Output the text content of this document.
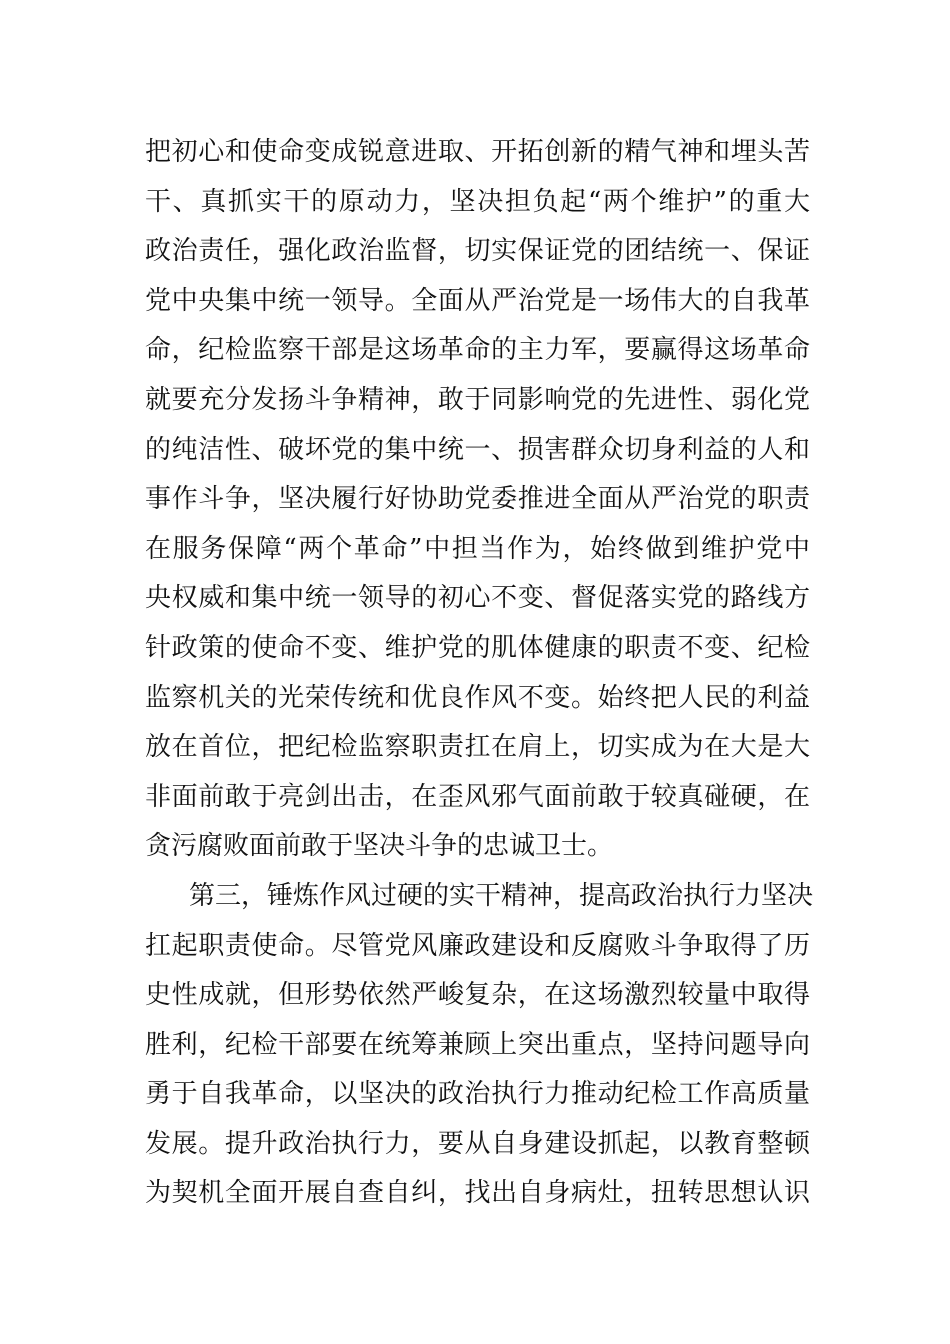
把初心和使命变成锐意进取、开拓创新的精气神和埋头苦
干、真抓实干的原动力，坚决担负起“两个维护”的重大
政治责任，强化政治监督，切实保证党的团结统一、保证
党中央集中统一领导。全面从严治党是一场伟大的自我革
命，纪检监察干部是这场革命的主力军，要赢得这场革命
就要充分发扬斗争精神，敢于同影响党的先进性、弱化党
的纯洁性、破坏党的集中统一、损害群众切身利益的人和
事作斗争，坚决履行好协助党委推进全面从严治党的职责
在服务保障“两个革命”中担当作为，始终做到维护党中
央权威和集中统一领导的初心不变、督促落实党的路线方
针政策的使命不变、维护党的肌体健康的职责不变、纪检
监察机关的光荣传统和优良作风不变。始终把人民的利益
放在首位，把纪检监察职责扛在肩上，切实成为在大是大
非面前敢于亮剑出击，在歪风邪气面前敢于较真碰硬，在
贪污腐败面前敢于坚决斗争的忠诚卫士。
第三，锤炼作风过硬的实干精神，提高政治执行力坚决
扛起职责使命。尽管党风廉政建设和反腐败斗争取得了历
史性成就，但形势依然严峻复杂，在这场激烈较量中取得
胜利，纪检干部要在统筹兼顾上突出重点，坚持问题导向
勇于自我革命，以坚决的政治执行力推动纪检工作高质量
发展。提升政治执行力，要从自身建设抓起，以教育整顿
为契机全面开展自查自纠，找出自身病灶，扭转思想认识
